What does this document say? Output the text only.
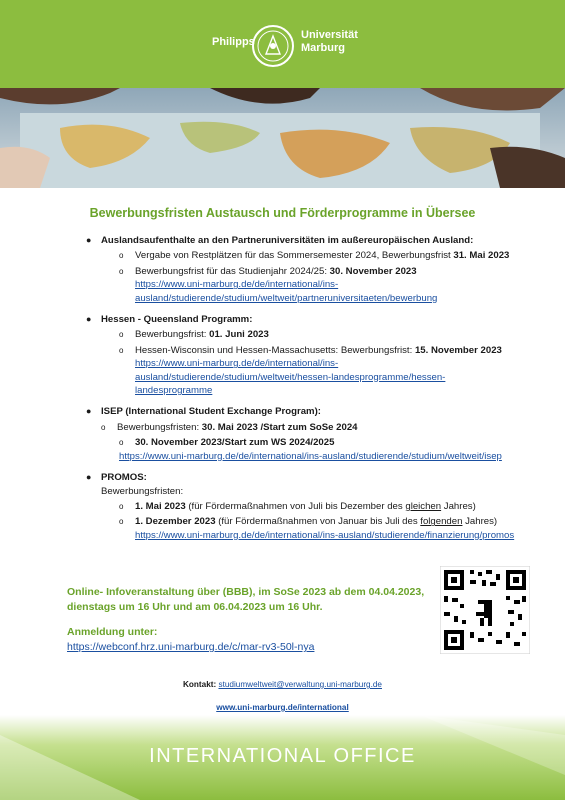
Philipps
Universität
Marburg
Bewerbungsfristen Austausch und Förderprogramme in Übersee
● Auslandsaufenthalte an den Partneruniversitäten im außereuropäischen Ausland:
o Vergabe von Restplätzen für das Sommersemester 2024, Bewerbungsfrist 31. Mai 2023
o Bewerbungsfrist für das Studienjahr 2024/25: 30. November 2023
https://www.uni-marburg.de/de/international/ins-ausland/studierende/studium/weltweit/partneruniversitaeten/bewerbung
● Hessen - Queensland Programm:
o Bewerbungsfrist: 01. Juni 2023
o Hessen-Wisconsin und Hessen-Massachusetts: Bewerbungsfrist: 15. November 2023
https://www.uni-marburg.de/de/international/ins-ausland/studierende/studium/weltweit/hessen-landesprogramme/hessen-landesprogramme
● ISEP (International Student Exchange Program):
o Bewerbungsfristen: 30. Mai 2023 /Start zum SoSe 2024
o 30. November 2023/Start zum WS 2024/2025
https://www.uni-marburg.de/de/international/ins-ausland/studierende/studium/weltweit/isep
● PROMOS:
Bewerbungsfristen:
o 1. Mai 2023 (für Fördermaßnahmen von Juli bis Dezember des gleichen Jahres)
o 1. Dezember 2023 (für Fördermaßnahmen von Januar bis Juli des folgenden Jahres)
https://www.uni-marburg.de/de/international/ins-ausland/studierende/finanzierung/promos
Online- Infoveranstaltung über (BBB), im SoSe 2023 ab dem 04.04.2023, dienstags um 16 Uhr und am 06.04.2023 um 16 Uhr.
Anmeldung unter:
https://webconf.hrz.uni-marburg.de/c/mar-rv3-50l-nya
Kontakt: studiumweltweit@verwaltung.uni-marburg.de
www.uni-marburg.de/international
INTERNATIONAL OFFICE
